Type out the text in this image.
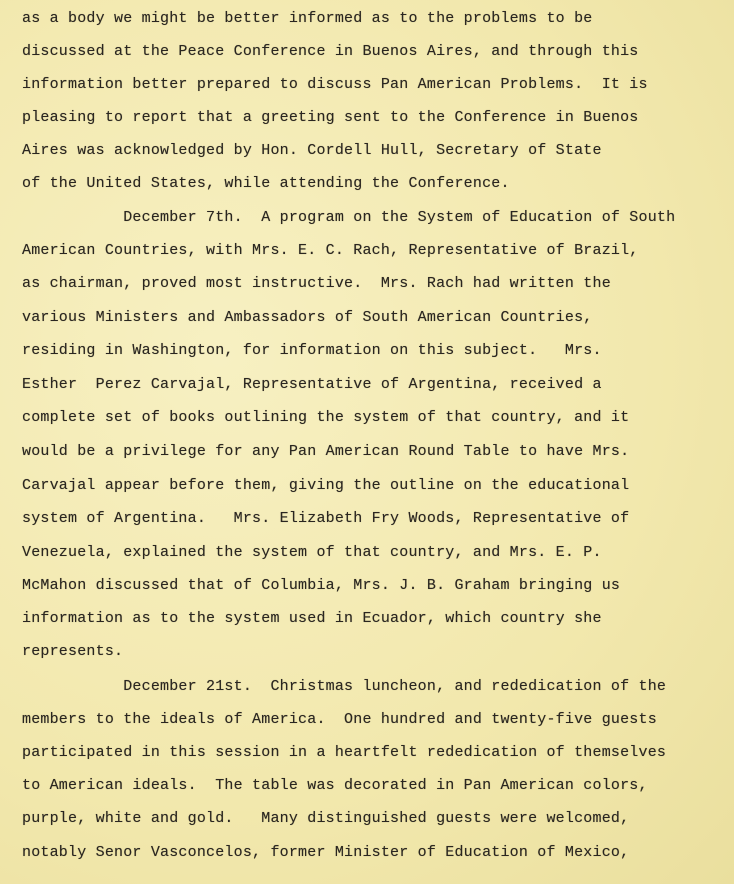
as a body we might be better informed as to the problems to be
discussed at the Peace Conference in Buenos Aires, and through this
information better prepared to discuss Pan American Problems.  It is
pleasing to report that a greeting sent to the Conference in Buenos
Aires was acknowledged by Hon. Cordell Hull, Secretary of State
of the United States, while attending the Conference.
December 7th.  A program on the System of Education of South
American Countries, with Mrs. E. C. Rach, Representative of Brazil,
as chairman, proved most instructive.  Mrs. Rach had written the
various Ministers and Ambassadors of South American Countries,
residing in Washington, for information on this subject.   Mrs.
Esther  Perez Carvajal, Representative of Argentina, received a
complete set of books outlining the system of that country, and it
would be a privilege for any Pan American Round Table to have Mrs.
Carvajal appear before them, giving the outline on the educational
system of Argentina.   Mrs. Elizabeth Fry Woods, Representative of
Venezuela, explained the system of that country, and Mrs. E. P.
McMahon discussed that of Columbia, Mrs. J. B. Graham bringing us
information as to the system used in Ecuador, which country she
represents.
December 21st.  Christmas luncheon, and rededication of the
members to the ideals of America.  One hundred and twenty-five guests
participated in this session in a heartfelt rededication of themselves
to American ideals.  The table was decorated in Pan American colors,
purple, white and gold.   Many distinguished guests were welcomed,
notably Senor Vasconcelos, former Minister of Education of Mexico,
